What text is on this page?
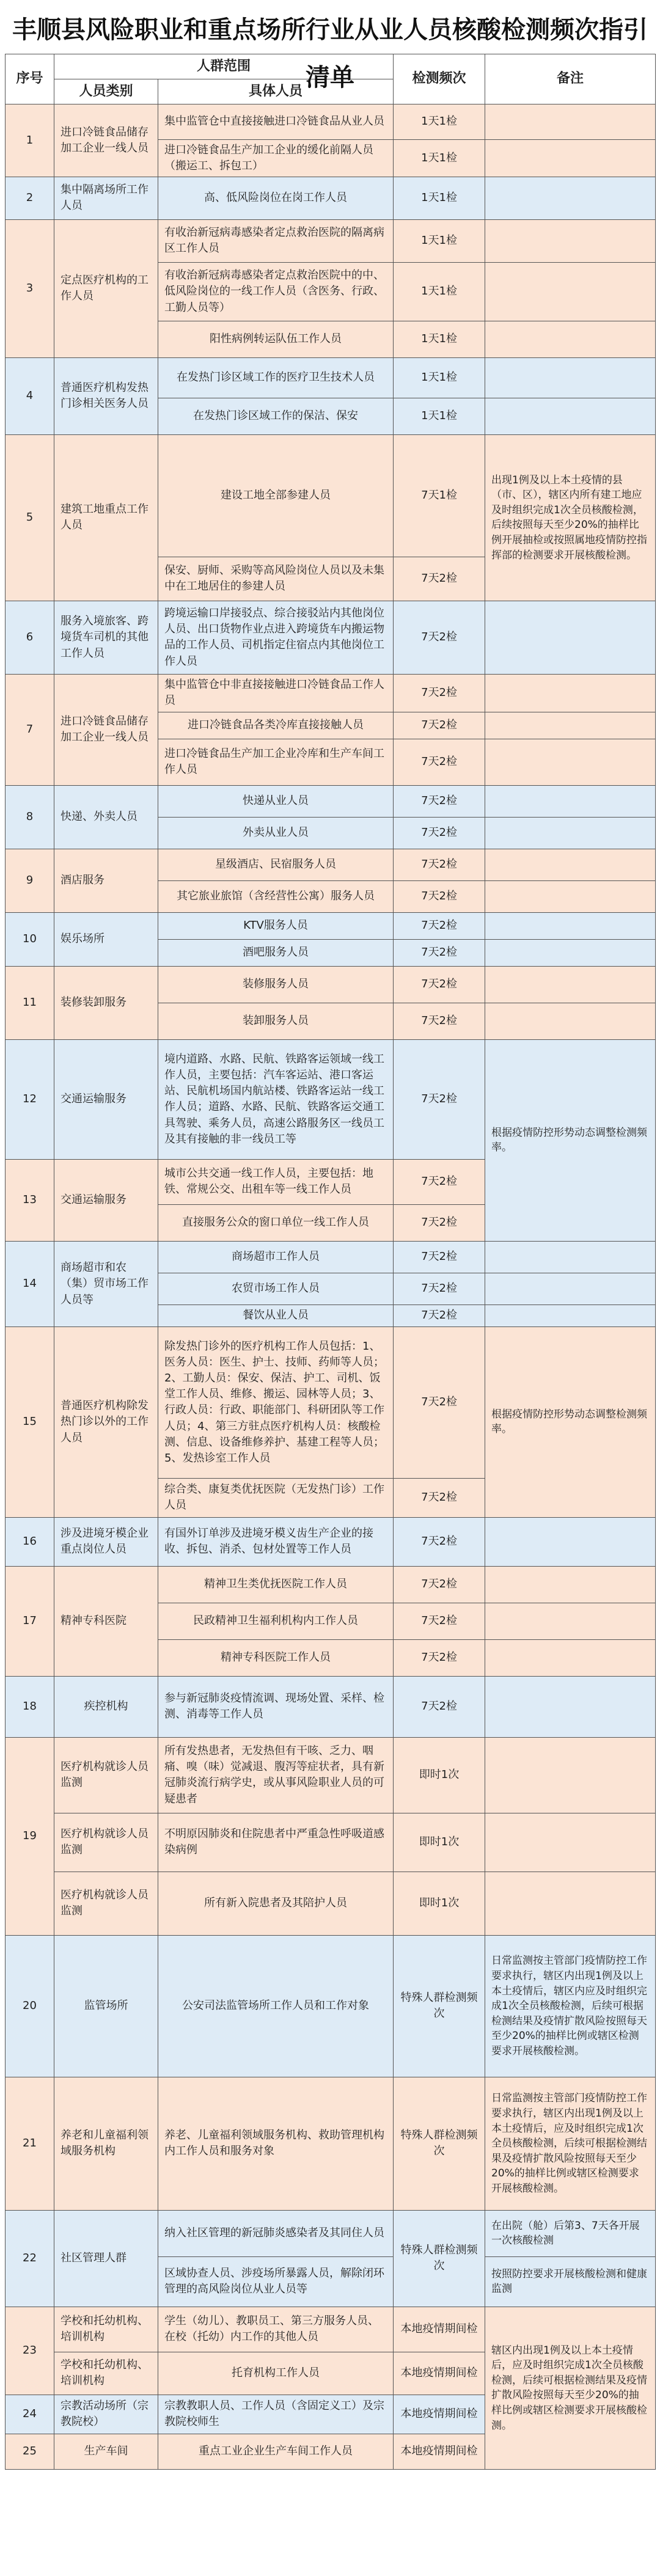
丰顺县风险职业和重点场所行业从业人员核酸检测频次指引清单
序号	人群范围		检测频次	备注
	人员类别	具体人员		
1	进口冷链食品储存加工企业一线人员	集中监管仓中直接接触进口冷链食品从业人员	1天1检	
		进口冷链食品生产加工企业的缓化前隔人员（搬运工、拆包工）	1天1检	
2	集中隔离场所工作人员	高、低风险岗位在岗工作人员	1天1检	
3	定点医疗机构的工作人员	有收治新冠病毒感染者定点救治医院的隔离病区工作人员	1天1检	
		有收治新冠病毒感染者定点救治医院中的中、低风险岗位的一线工作人员（含医务、行政、工勤人员等）	1天1检	
		阳性病例转运队伍工作人员	1天1检	
4	普通医疗机构发热门诊相关医务人员	在发热门诊区域工作的医疗卫生技术人员	1天1检	
		在发热门诊区域工作的保洁、保安	1天1检	
5	建筑工地重点工作人员	建设工地全部参建人员	7天1检	出现1例及以上本土疫情的县（市、区），辖区内所有建工地应及时组织完成1次全员核酸检测，后续按照每天至少20%的抽样比例开展抽检或按照属地疫情防控指挥部的检测要求开展核酸检测。
		保安、厨师、采购等高风险岗位人员以及未集中在工地居住的参建人员	7天2检	
6	服务入境旅客、跨境货车司机的其他工作人员	跨境运输口岸接驳点、综合接驳站内其他岗位人员、出口货物作业点进入跨境货车内搬运物品的工作人员、司机指定住宿点内其他岗位工作人员	7天2检	
7	进口冷链食品储存加工企业一线人员	集中监管仓中非直接接触进口冷链食品工作人员	7天2检	
		进口冷链食品各类冷库直接接触人员	7天2检	
		进口冷链食品生产加工企业冷库和生产车间工作人员	7天2检	
8	快递、外卖人员	快递从业人员	7天2检	
		外卖从业人员	7天2检	
9	酒店服务	星级酒店、民宿服务人员	7天2检	
		其它旅业旅馆（含经营性公寓）服务人员	7天2检	
10	娱乐场所	KTV服务人员	7天2检	
		酒吧服务人员	7天2检	
11	装修装卸服务	装修服务人员	7天2检	
		装卸服务人员	7天2检	
12	交通运输服务	境内道路、水路、民航、铁路客运领域一线工作人员，主要包括：汽车客运站、港口客运站、民航机场国内航站楼、铁路客运站一线工作人员；道路、水路、民航、铁路客运交通工具驾驶、乘务人员，高速公路服务区一线员工及其有接触的非一线员工等	7天2检	根据疫情防控形势动态调整检测频率。
13	交通运输服务	城市公共交通一线工作人员，主要包括：地铁、常规公交、出租车等一线工作人员	7天2检	
		直接服务公众的窗口单位一线工作人员	7天2检	
14	商场超市和农（集）贸市场工作人员等	商场超市工作人员	7天2检	
		农贸市场工作人员	7天2检	
		餐饮从业人员	7天2检	
15	普通医疗机构除发热门诊以外的工作人员	除发热门诊外的医疗机构工作人员包括：1、医务人员：医生、护士、技师、药师等人员；2、工勤人员：保安、保洁、护工、司机、饭堂工作人员、维修、搬运、园林等人员；3、行政人员：行政、职能部门、科研团队等工作人员；4、第三方驻点医疗机构人员：核酸检测、信息、设备维修养护、基建工程等人员；5、发热诊室工作人员	7天2检	根据疫情防控形势动态调整检测频率。
		综合类、康复类优抚医院（无发热门诊）工作人员	7天2检	
16	涉及进境牙模企业重点岗位人员	有国外订单涉及进境牙模义齿生产企业的接收、拆包、消杀、包材处置等工作人员	7天2检	
17	精神专科医院	精神卫生类优抚医院工作人员	7天2检	
		民政精神卫生福利机构内工作人员	7天2检	
		精神专科医院工作人员	7天2检	
18	疾控机构	参与新冠肺炎疫情流调、现场处置、采样、检测、消毒等工作人员	7天2检	
19	医疗机构就诊人员监测	所有发热患者，无发热但有干咳、乏力、咽痛、嗅（味）觉减退、腹泻等症状者，具有新冠肺炎流行病学史，或从事风险职业人员的可疑患者	即时1次	
	医疗机构就诊人员监测	不明原因肺炎和住院患者中严重急性呼吸道感染病例	即时1次	
	医疗机构就诊人员监测	所有新入院患者及其陪护人员	即时1次	
20	监管场所	公安司法监管场所工作人员和工作对象	特殊人群检测频次	日常监测按主管部门疫情防控工作要求执行，辖区内出现1例及以上本土疫情后，辖区内应及时组织完成1次全员核酸检测，后续可根据检测结果及疫情扩散风险按照每天至少20%的抽样比例或辖区检测要求开展核酸检测。
21	养老和儿童福利领域服务机构	养老、儿童福利领域服务机构、救助管理机构内工作人员和服务对象	特殊人群检测频次	日常监测按主管部门疫情防控工作要求执行，辖区内出现1例及以上本土疫情后，应及时组织完成1次全员核酸检测，后续可根据检测结果及疫情扩散风险按照每天至少20%的抽样比例或辖区检测要求开展核酸检测。
22	社区管理人群	纳入社区管理的新冠肺炎感染者及其同住人员	特殊人群检测频次	在出院（舱）后第3、7天各开展一次核酸检测
		区域协查人员、涉疫场所暴露人员，解除闭环管理的高风险岗位从业人员等		按照防控要求开展核酸检测和健康监测
23	学校和托幼机构、培训机构	学生（幼儿）、教职员工、第三方服务人员、在校（托幼）内工作的其他人员	本地疫情期间检	辖区内出现1例及以上本土疫情后，应及时组织完成1次全员核酸检测，后续可根据检测结果及疫情扩散风险按照每天至少20%的抽样比例或辖区检测要求开展核酸检测。
	学校和托幼机构、培训机构	托育机构工作人员	本地疫情期间检	
24	宗教活动场所（宗教院校）	宗教教职人员、工作人员（含固定义工）及宗教院校师生	本地疫情期间检	
25	生产车间	重点工业企业生产车间工作人员	本地疫情期间检	
